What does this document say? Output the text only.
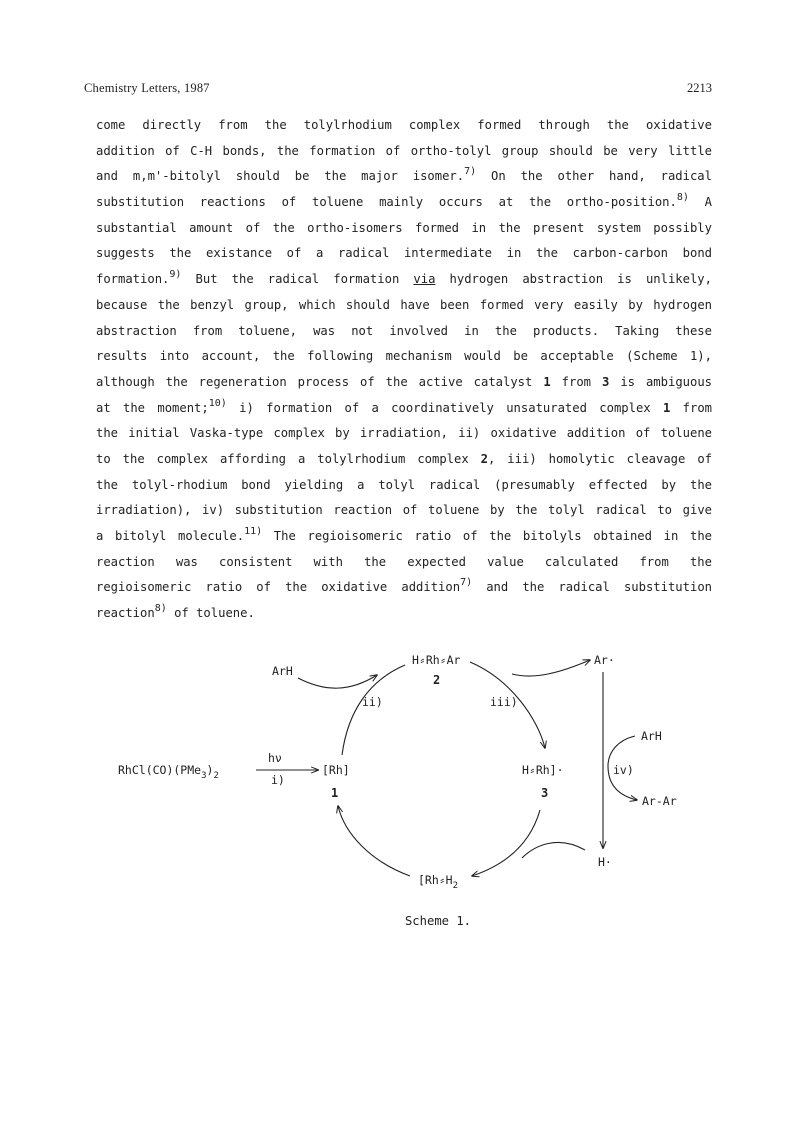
Chemistry Letters, 1987	2213
come directly from the tolylrhodium complex formed through the oxidative
addition of C-H bonds, the formation of ortho-tolyl group should be very little
and m,m'-bitolyl should be the major isomer.$^{7)}$ On the other hand, radical
substitution reactions of toluene mainly occurs at the ortho-position.$^{8)}$ A
substantial amount of the ortho-isomers formed in the present system possibly
suggests the existance of a radical intermediate in the carbon-carbon bond
formation.$^{9)}$ But the radical formation via hydrogen abstraction is unlikely,
because the benzyl group, which should have been formed very easily by hydrogen
abstraction from toluene, was not involved in the products. Taking these
results into account, the following mechanism would be acceptable (Scheme 1),
although the regeneration process of the active catalyst 1 from 3 is ambiguous
at the moment;$^{10)}$ i) formation of a coordinatively unsaturated complex 1 from
the initial Vaska-type complex by irradiation, ii) oxidative addition of toluene
to the complex affording a tolylrhodium complex 2, iii) homolytic cleavage of
the tolyl-rhodium bond yielding a tolyl radical (presumably effected by the
irradiation), iv) substitution reaction of toluene by the tolyl radical to give
a bitolyl molecule.$^{11)}$ The regioisomeric ratio of the bitolyls obtained in the
reaction was consistent with the expected value calculated from the
regioisomeric ratio of the oxidative addition$^{7)}$ and the radical substitution
reaction$^{8)}$ of toluene.
$RhCl(CO)(PMe_3)_2$
hν
i)
[Rh]
1
ArH
ii)
H⸗Rh⸗Ar
2
iii)
Ar·
H⸗Rh]·
3
ArH
iv)
Ar-Ar
H·
[$Rh⸗H_2$
Scheme 1.
